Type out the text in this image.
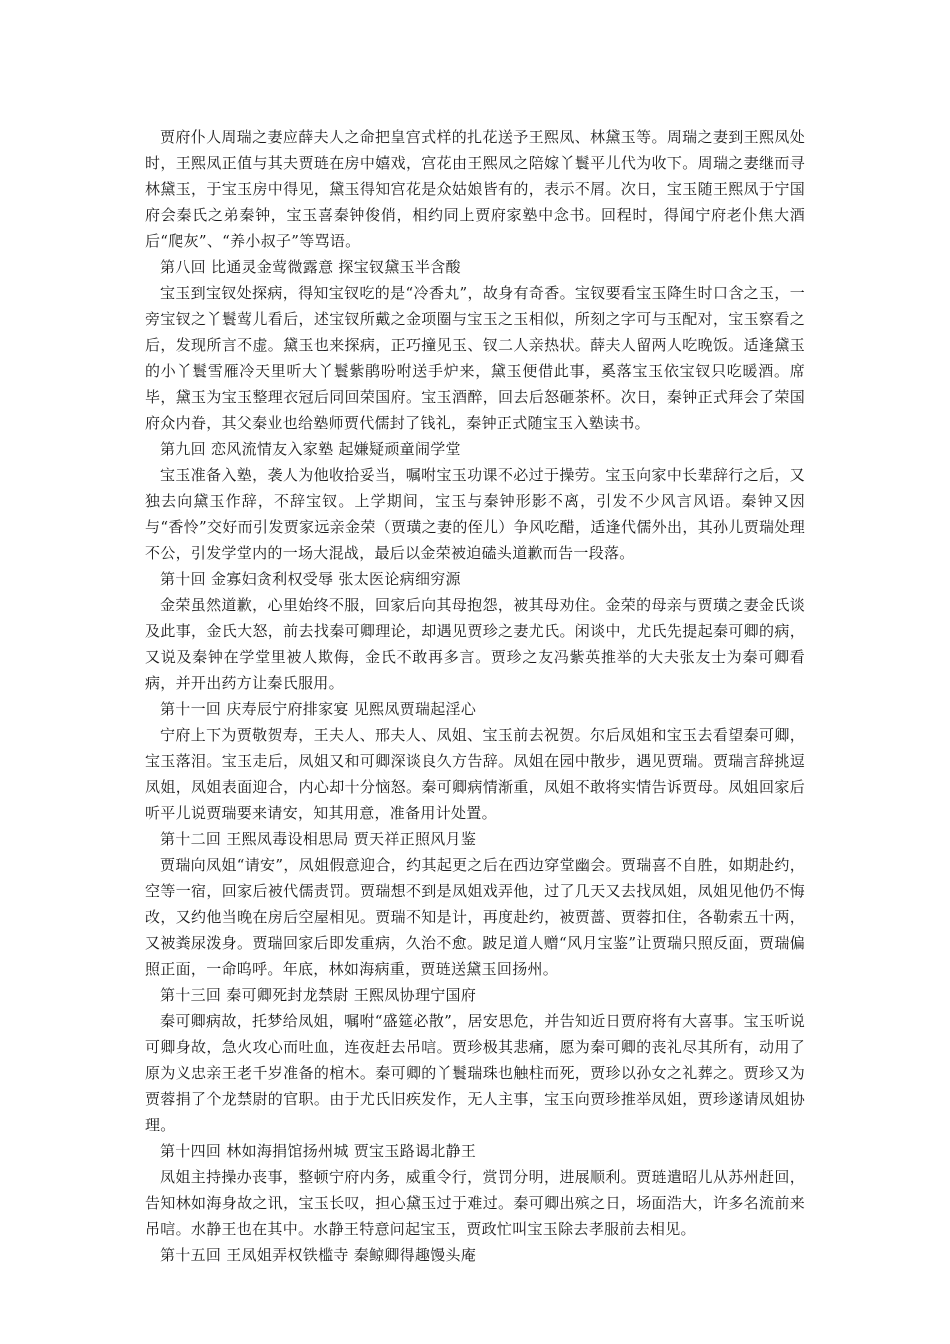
贾府仆人周瑞之妻应薛夫人之命把皇宫式样的扎花送予王熙凤、林黛玉等。周瑞之妻到王熙凤处时，王熙凤正值与其夫贾琏在房中嬉戏，宫花由王熙凤之陪嫁丫鬟平儿代为收下。周瑞之妻继而寻林黛玉，于宝玉房中得见，黛玉得知宫花是众姑娘皆有的，表示不屑。次日，宝玉随王熙凤于宁国府会秦氏之弟秦钟，宝玉喜秦钟俊俏，相约同上贾府家塾中念书。回程时，得闻宁府老仆焦大酒后“爬灰”、“养小叔子”等骂语。

第八回 比通灵金莺微露意 探宝钗黛玉半含酸

宝玉到宝钗处探病，得知宝钗吃的是“冷香丸”，故身有奇香。宝钗要看宝玉降生时口含之玉，一旁宝钗之丫鬟莺儿看后，述宝钗所戴之金项圈与宝玉之玉相似，所刻之字可与玉配对，宝玉察看之后，发现所言不虚。黛玉也来探病，正巧撞见玉、钗二人亲热状。薛夫人留两人吃晚饭。适逢黛玉的小丫鬟雪雁冷天里听大丫鬟紫鹃吩咐送手炉来，黛玉便借此事，奚落宝玉依宝钗只吃暖酒。席毕，黛玉为宝玉整理衣冠后同回荣国府。宝玉酒醉，回去后怒砸茶杯。次日，秦钟正式拜会了荣国府众内眷，其父秦业也给塾师贾代儒封了钱礼，秦钟正式随宝玉入塾读书。

第九回 恋风流情友入家塾 起嫌疑顽童闹学堂

宝玉准备入塾，袭人为他收拾妥当，嘱咐宝玉功课不必过于操劳。宝玉向家中长辈辞行之后，又独去向黛玉作辞，不辞宝钗。上学期间，宝玉与秦钟形影不离，引发不少风言风语。秦钟又因与“香怜”交好而引发贾家远亲金荣（贾璜之妻的侄儿）争风吃醋，适逢代儒外出，其孙儿贾瑞处理不公，引发学堂内的一场大混战，最后以金荣被迫磕头道歉而告一段落。

第十回 金寡妇贪利权受辱 张太医论病细穷源

金荣虽然道歉，心里始终不服，回家后向其母抱怨，被其母劝住。金荣的母亲与贾璜之妻金氏谈及此事，金氏大怒，前去找秦可卿理论，却遇见贾珍之妻尤氏。闲谈中，尤氏先提起秦可卿的病，又说及秦钟在学堂里被人欺侮，金氏不敢再多言。贾珍之友冯紫英推举的大夫张友士为秦可卿看病，并开出药方让秦氏服用。

第十一回 庆寿辰宁府排家宴 见熙凤贾瑞起淫心

宁府上下为贾敬贺寿，王夫人、邢夫人、凤姐、宝玉前去祝贺。尔后凤姐和宝玉去看望秦可卿，宝玉落泪。宝玉走后，凤姐又和可卿深谈良久方告辞。凤姐在园中散步，遇见贾瑞。贾瑞言辞挑逗凤姐，凤姐表面迎合，内心却十分恼怒。秦可卿病情渐重，凤姐不敢将实情告诉贾母。凤姐回家后听平儿说贾瑞要来请安，知其用意，准备用计处置。

第十二回 王熙凤毒设相思局 贾天祥正照风月鉴

贾瑞向凤姐“请安”，凤姐假意迎合，约其起更之后在西边穿堂幽会。贾瑞喜不自胜，如期赴约，空等一宿，回家后被代儒责罚。贾瑞想不到是凤姐戏弄他，过了几天又去找凤姐，凤姐见他仍不悔改，又约他当晚在房后空屋相见。贾瑞不知是计，再度赴约，被贾蔷、贾蓉扣住，各勒索五十两，又被粪尿泼身。贾瑞回家后即发重病，久治不愈。跛足道人赠“风月宝鉴”让贾瑞只照反面，贾瑞偏照正面，一命呜呼。年底，林如海病重，贾琏送黛玉回扬州。

第十三回 秦可卿死封龙禁尉 王熙凤协理宁国府

秦可卿病故，托梦给凤姐，嘱咐“盛筵必散”，居安思危，并告知近日贾府将有大喜事。宝玉听说可卿身故，急火攻心而吐血，连夜赶去吊唁。贾珍极其悲痛，愿为秦可卿的丧礼尽其所有，动用了原为义忠亲王老千岁准备的棺木。秦可卿的丫鬟瑞珠也触柱而死，贾珍以孙女之礼葬之。贾珍又为贾蓉捐了个龙禁尉的官职。由于尤氏旧疾发作，无人主事，宝玉向贾珍推举凤姐，贾珍遂请凤姐协理。

第十四回 林如海捐馆扬州城 贾宝玉路谒北静王

凤姐主持操办丧事，整顿宁府内务，威重令行，赏罚分明，进展顺利。贾琏遣昭儿从苏州赶回，告知林如海身故之讯，宝玉长叹，担心黛玉过于难过。秦可卿出殡之日，场面浩大，许多名流前来吊唁。水静王也在其中。水静王特意问起宝玉，贾政忙叫宝玉除去孝服前去相见。

第十五回 王凤姐弄权铁槛寺 秦鲸卿得趣馒头庵
